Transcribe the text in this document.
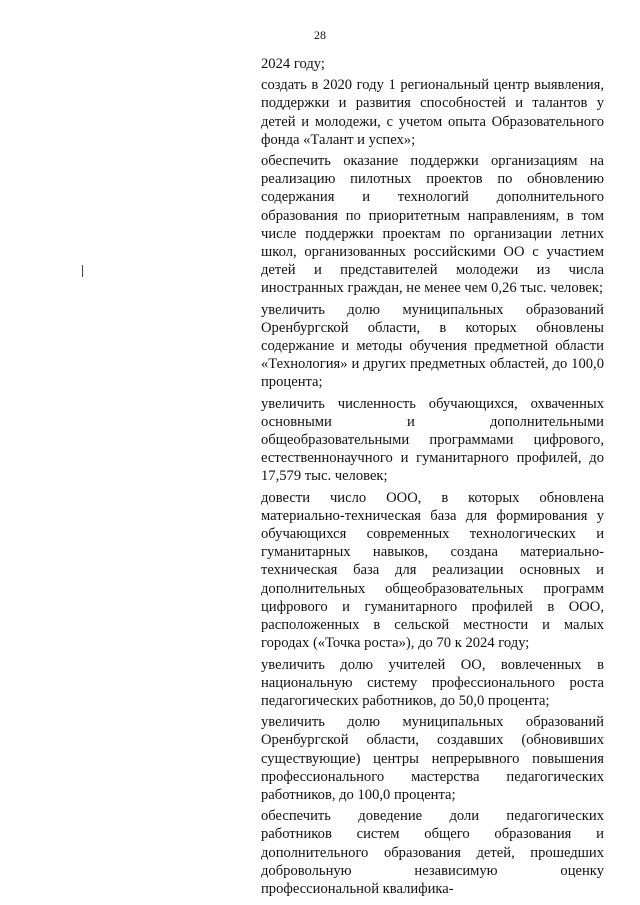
28

2024 году;

создать в 2020 году 1 региональный центр выявления, поддержки и развития способностей и талантов у детей и молодежи, с учетом опыта Образовательного фонда «Талант и успех»;

обеспечить оказание поддержки организациям на реализацию пилотных проектов по обновлению содержания и технологий дополнительного образования по приоритетным направлениям, в том числе поддержки проектам по организации летних школ, организованных российскими ОО с участием детей и представителей молодежи из числа иностранных граждан, не менее чем 0,26 тыс. человек;

увеличить долю муниципальных образований Оренбургской области, в которых обновлены содержание и методы обучения предметной области «Технология» и других предметных областей, до 100,0 процента;

увеличить численность обучающихся, охваченных основными и дополнительными общеобразовательными программами цифрового, естественнонаучного и гуманитарного профилей, до 17,579 тыс. человек;

довести число ООО, в которых обновлена материально-техническая база для формирования у обучающихся современных технологических и гуманитарных навыков, создана материально-техническая база для реализации основных и дополнительных общеобразовательных программ цифрового и гуманитарного профилей в ООО, расположенных в сельской местности и малых городах («Точка роста»), до 70 к 2024 году;

увеличить долю учителей ОО, вовлеченных в национальную систему профессионального роста педагогических работников, до 50,0 процента;

увеличить долю муниципальных образований Оренбургской области, создавших (обновивших существующие) центры непрерывного повышения профессионального мастерства педагогических работников, до 100,0 процента;

обеспечить доведение доли педагогических работников систем общего образования и дополнительного образования детей, прошедших добровольную независимую оценку профессиональной квалифика-
